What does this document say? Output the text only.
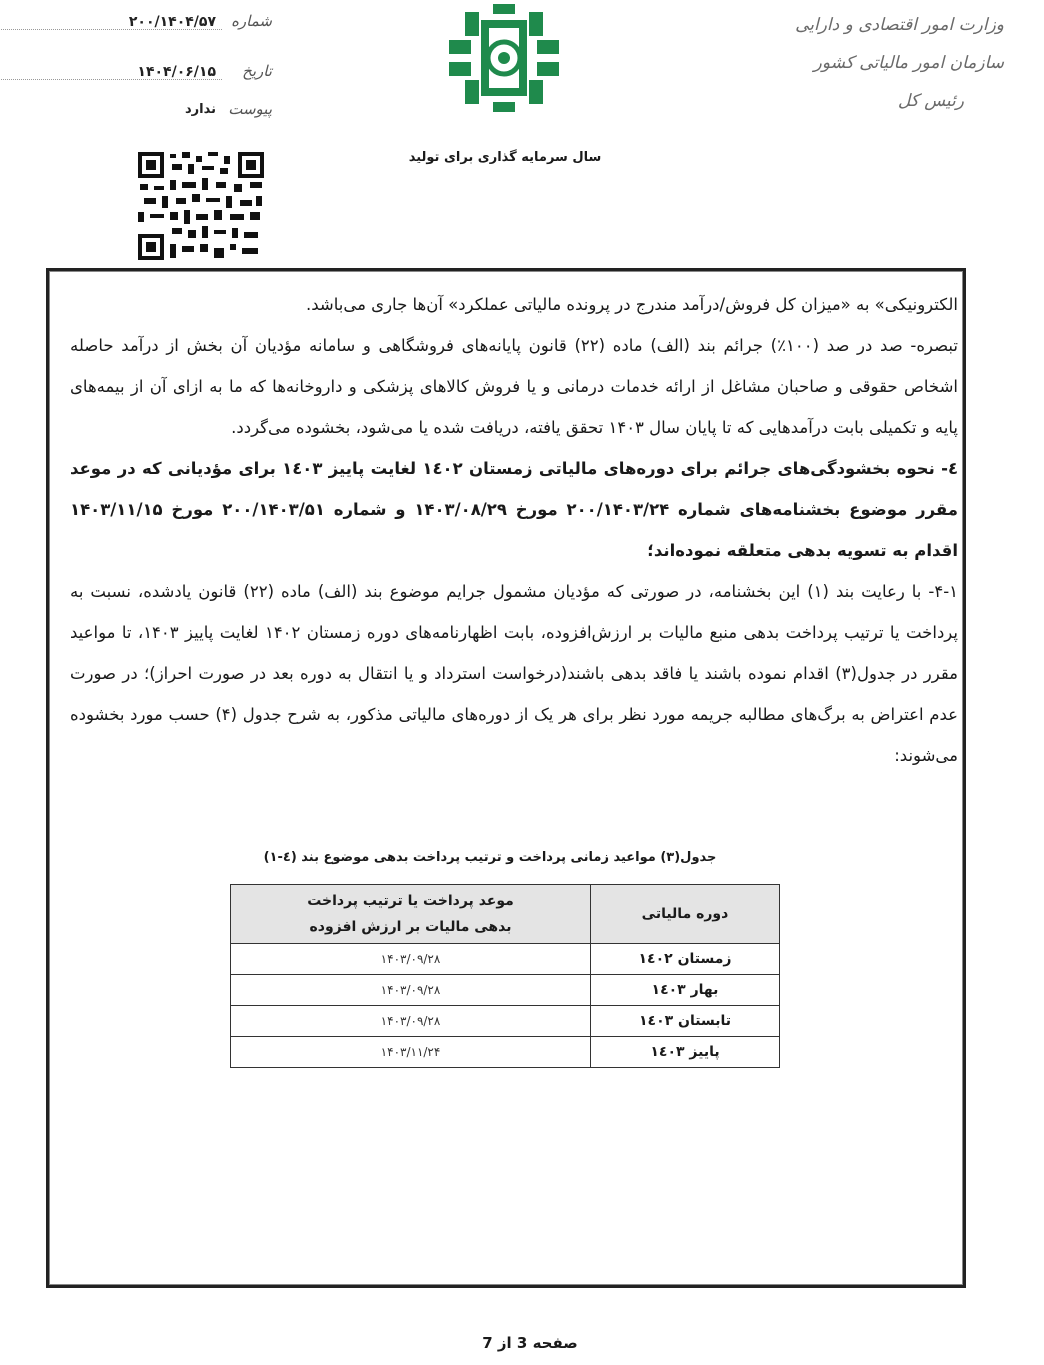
وزارت امور اقتصادی و دارایی
سازمان امور مالیاتی کشور
رئیس کل
شماره
۲۰۰/۱۴۰۴/۵۷
تاریخ
۱۴۰۴/۰۶/۱۵
پیوست
ندارد
سال سرمایه گذاری برای تولید

الکترونیکی» به «میزان کل فروش/درآمد مندرج در پرونده مالیاتی عملکرد» آن‌ها جاری می‌باشد.

تبصره- صد در صد (۱۰۰٪) جرائم بند (الف) ماده (۲۲) قانون پایانه‌های فروشگاهی و سامانه مؤدیان آن بخش از درآمد حاصله اشخاص حقوقی و صاحبان مشاغل از ارائه خدمات درمانی و یا فروش کالاهای پزشکی و داروخانه‌ها که ما به ازای آن از بیمه‌های پایه و تکمیلی بابت درآمدهایی که تا پایان سال ۱۴۰۳ تحقق یافته، دریافت شده یا می‌شود، بخشوده می‌گردد.

٤- نحوه بخشودگی‌های جرائم برای دوره‌های مالیاتی زمستان ١٤٠٢ لغایت پاییز ١٤٠٣ برای مؤدیانی که در موعد مقرر موضوع بخشنامه‌های شماره ۲۰۰/۱۴۰۳/۲۴ مورخ ۱۴۰۳/۰۸/۲۹ و شماره ۲۰۰/۱۴۰۳/۵۱ مورخ ۱۴۰۳/۱۱/۱۵ اقدام به تسویه بدهی متعلقه نموده‌اند؛

۴-۱- با رعایت بند (۱) این بخشنامه، در صورتی که مؤدیان مشمول جرایم موضوع بند (الف) ماده (۲۲) قانون یادشده، نسبت به پرداخت یا ترتیب پرداخت بدهی منبع مالیات بر ارزش‌افزوده، بابت اظهارنامه‌های دوره زمستان ۱۴۰۲ لغایت پاییز ۱۴۰۳، تا مواعید مقرر در جدول(۳) اقدام نموده باشند یا فاقد بدهی باشند(درخواست استرداد و یا انتقال به دوره بعد در صورت احراز)؛ در صورت عدم اعتراض به برگ‌های مطالبه جریمه مورد نظر برای هر یک از دوره‌های مالیاتی مذکور، به شرح جدول (۴) حسب مورد بخشوده می‌شوند:

جدول(۳) مواعید زمانی پرداخت و ترتیب پرداخت بدهی موضوع بند (٤-١)
دوره مالیاتی	موعد پرداخت یا ترتیب پرداخت بدهی مالیات بر ارزش افزوده
زمستان ١٤٠٢	١۴٠٣/٠٩/٢٨
بهار ١٤٠٣	١۴٠٣/٠٩/٢٨
تابستان ١٤٠٣	١۴٠٣/٠٩/٢٨
پاییز ١٤٠٣	١۴٠٣/١١/٢۴
صفحه 3 از 7
